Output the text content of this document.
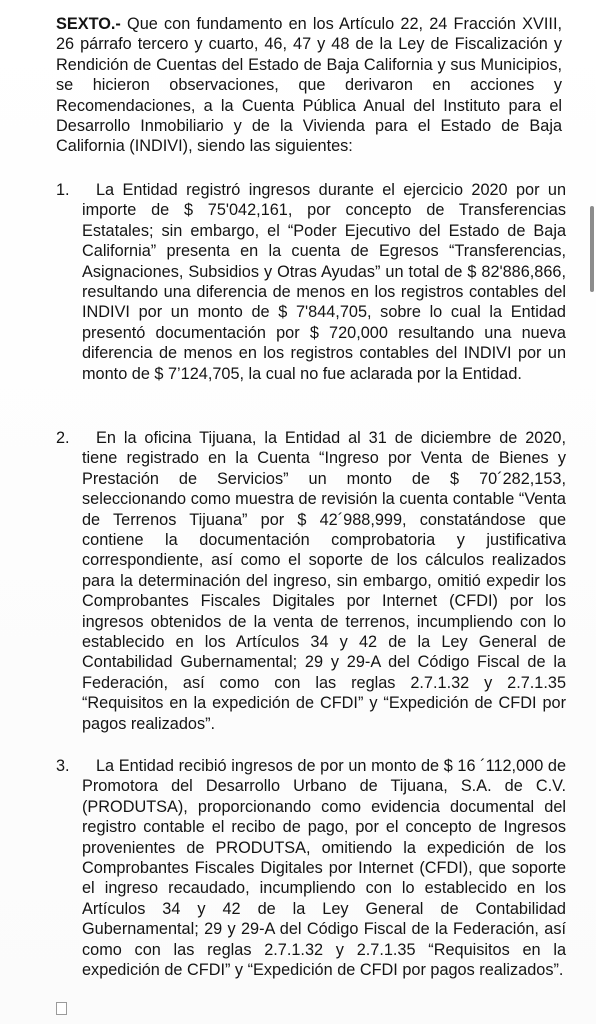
SEXTO.- Que con fundamento en los Artículo 22, 24 Fracción XVIII, 26 párrafo tercero y cuarto, 46, 47 y 48 de la Ley de Fiscalización y Rendición de Cuentas del Estado de Baja California y sus Municipios, se hicieron observaciones, que derivaron en acciones y Recomendaciones, a la Cuenta Pública Anual del Instituto para el Desarrollo Inmobiliario y de la Vivienda para el Estado de Baja California (INDIVI), siendo las siguientes:

1.	La Entidad registró ingresos durante el ejercicio 2020 por un importe de $ 75'042,161, por concepto de Transferencias Estatales; sin embargo, el “Poder Ejecutivo del Estado de Baja California” presenta en la cuenta de Egresos “Transferencias, Asignaciones, Subsidios y Otras Ayudas” un total de $ 82'886,866, resultando una diferencia de menos en los registros contables del INDIVI por un monto de $ 7'844,705, sobre lo cual la Entidad presentó documentación por $ 720,000 resultando una nueva diferencia de menos en los registros contables del INDIVI por un monto de $ 7’124,705, la cual no fue aclarada por la Entidad.
2.	En la oficina Tijuana, la Entidad al 31 de diciembre de 2020, tiene registrado en la Cuenta “Ingreso por Venta de Bienes y Prestación de Servicios” un monto de $ 70´282,153, seleccionando como muestra de revisión la cuenta contable “Venta de Terrenos Tijuana” por $ 42´988,999, constatándose que contiene la documentación comprobatoria y justificativa correspondiente, así como el soporte de los cálculos realizados para la determinación del ingreso, sin embargo, omitió expedir los Comprobantes Fiscales Digitales por Internet (CFDI) por los ingresos obtenidos de la venta de terrenos, incumpliendo con lo establecido en los Artículos 34 y 42 de la Ley General de Contabilidad Gubernamental; 29 y 29-A del Código Fiscal de la Federación, así como con las reglas 2.7.1.32 y 2.7.1.35 “Requisitos en la expedición de CFDI” y “Expedición de CFDI por pagos realizados”.
3.	La Entidad recibió ingresos de por un monto de $ 16 ´112,000 de Promotora del Desarrollo Urbano de Tijuana, S.A. de C.V. (PRODUTSA), proporcionando como evidencia documental del registro contable el recibo de pago, por el concepto de Ingresos provenientes de PRODUTSA, omitiendo la expedición de los Comprobantes Fiscales Digitales por Internet (CFDI), que soporte el ingreso recaudado, incumpliendo con lo establecido en los Artículos 34 y 42 de la Ley General de Contabilidad Gubernamental; 29 y 29-A del Código Fiscal de la Federación, así como con las reglas 2.7.1.32 y 2.7.1.35 “Requisitos en la expedición de CFDI” y “Expedición de CFDI por pagos realizados”.
